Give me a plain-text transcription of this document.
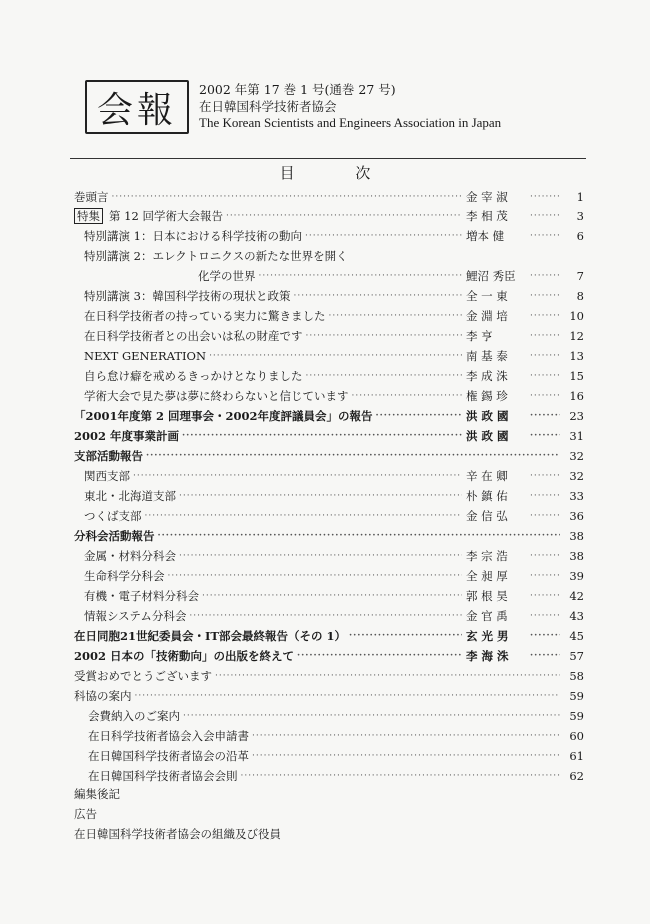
会報	2002 年第 17 巻 1 号(通巻 27 号)
在日韓国科学技術者協会
The Korean Scientists and Engineers Association in Japan
目 次
巻頭言 ·····	金 宰 淑 ·····	1
特集 第 12 回学術大会報告 ·····	李 相 茂 ·····	3
特別講演 1：日本における科学技術の動向 ·····	増本 健 ·····	6
特別講演 2：エレクトロニクスの新たな世界を開く
化学の世界 ·····	鯉沼 秀臣 ·····	7
特別講演 3：韓国科学技術の現状と政策 ·····	全 一 東 ·····	8
在日科学技術者の持っている実力に驚きました ·····	金 淵 培 ·····	10
在日科学技術者との出会いは私の財産です ·····	李 亨 ·····	12
NEXT GENERATION ·····	南 基 泰 ·····	13
自ら怠け癖を戒めるきっかけとなりました ·····	李 成 洙 ·····	15
学術大会で見た夢は夢に終わらないと信じています ·····	権 錫 珍 ·····	16
「2001年度第 2 回理事会・2002年度評議員会」の報告 ·····	洪 政 國 ·····	23
2002 年度事業計画 ·····	洪 政 國 ·····	31
支部活動報告 ·····	32
関西支部 ·····	辛 在 卿 ·····	32
東北・北海道支部 ·····	朴 鎮 佑 ·····	33
つくば支部 ·····	金 信 弘 ·····	36
分科会活動報告 ·····	38
金属・材料分科会 ·····	李 宗 浩 ·····	38
生命科学分科会 ·····	全 昶 厚 ·····	39
有機・電子材料分科会 ·····	郭 根 昊 ·····	42
情報システム分科会 ·····	金 官 禹 ·····	43
在日同胞21世紀委員会・IT部会最終報告（その 1） ·····	玄 光 男 ·····	45
2002 日本の「技術動向」の出版を終えて ·····	李 海 洙 ·····	57
受賞おめでとうございます ·····	58
科協の案内 ·····	59
会費納入のご案内 ·····	59
在日科学技術者協会入会申請書 ·····	60
在日韓国科学技術者協会の沿革 ·····	61
在日韓国科学技術者協会会則 ·····	62
編集後記
広告
在日韓国科学技術者協会の組織及び役員
